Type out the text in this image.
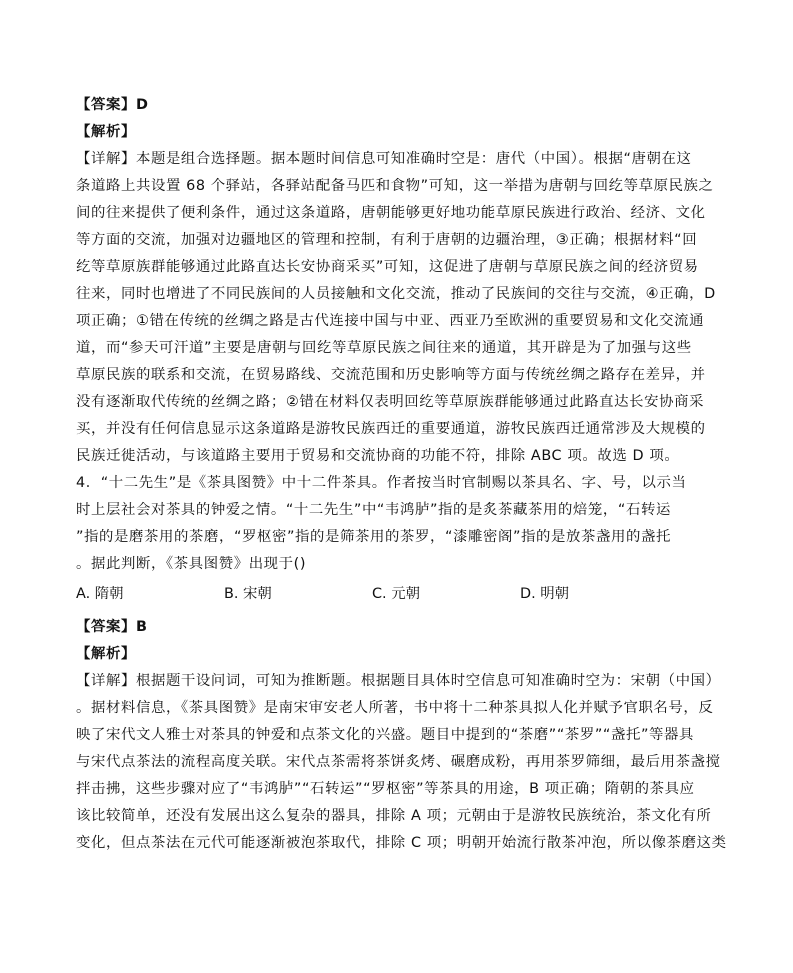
【答案】D
【解析】
【详解】本题是组合选择题。据本题时间信息可知准确时空是：唐代（中国）。根据“唐朝在这
条道路上共设置 68 个驿站，各驿站配备马匹和食物”可知，这一举措为唐朝与回纥等草原民族之
间的往来提供了便利条件，通过这条道路，唐朝能够更好地功能草原民族进行政治、经济、文化
等方面的交流，加强对边疆地区的管理和控制，有利于唐朝的边疆治理，③正确；根据材料“回
纥等草原族群能够通过此路直达长安协商采买”可知，这促进了唐朝与草原民族之间的经济贸易
往来，同时也增进了不同民族间的人员接触和文化交流，推动了民族间的交往与交流，④正确，D
项正确；①错在传统的丝绸之路是古代连接中国与中亚、西亚乃至欧洲的重要贸易和文化交流通
道，而“参天可汗道”主要是唐朝与回纥等草原民族之间往来的通道，其开辟是为了加强与这些
草原民族的联系和交流，在贸易路线、交流范围和历史影响等方面与传统丝绸之路存在差异，并
没有逐渐取代传统的丝绸之路；②错在材料仅表明回纥等草原族群能够通过此路直达长安协商采
买，并没有任何信息显示这条道路是游牧民族西迁的重要通道，游牧民族西迁通常涉及大规模的
民族迁徙活动，与该道路主要用于贸易和交流协商的功能不符，排除 ABC 项。故选 D 项。
4．“十二先生”是《茶具图赞》中十二件茶具。作者按当时官制赐以茶具名、字、号，以示当
时上层社会对茶具的钟爱之情。“十二先生”中“韦鸿胪”指的是炙茶藏茶用的焙笼，“石转运
”指的是磨茶用的茶磨，“罗枢密”指的是筛茶用的茶罗，“漆雕密阁”指的是放茶盏用的盏托
。据此判断，《茶具图赞》出现于()
A. 隋朝	B. 宋朝	C. 元朝	D. 明朝
【答案】B
【解析】
【详解】根据题干设问词，可知为推断题。根据题目具体时空信息可知准确时空为：宋朝（中国）
。据材料信息，《茶具图赞》是南宋审安老人所著，书中将十二种茶具拟人化并赋予官职名号，反
映了宋代文人雅士对茶具的钟爱和点茶文化的兴盛。题目中提到的“茶磨”“茶罗”“盏托”等器具
与宋代点茶法的流程高度关联。宋代点茶需将茶饼炙烤、碾磨成粉，再用茶罗筛细，最后用茶盏搅
拌击拂，这些步骤对应了“韦鸿胪”“石转运”“罗枢密”等茶具的用途，B 项正确；隋朝的茶具应
该比较简单，还没有发展出这么复杂的器具，排除 A 项；元朝由于是游牧民族统治，茶文化有所
变化，但点茶法在元代可能逐渐被泡茶取代，排除 C 项；明朝开始流行散茶冲泡，所以像茶磨这类
